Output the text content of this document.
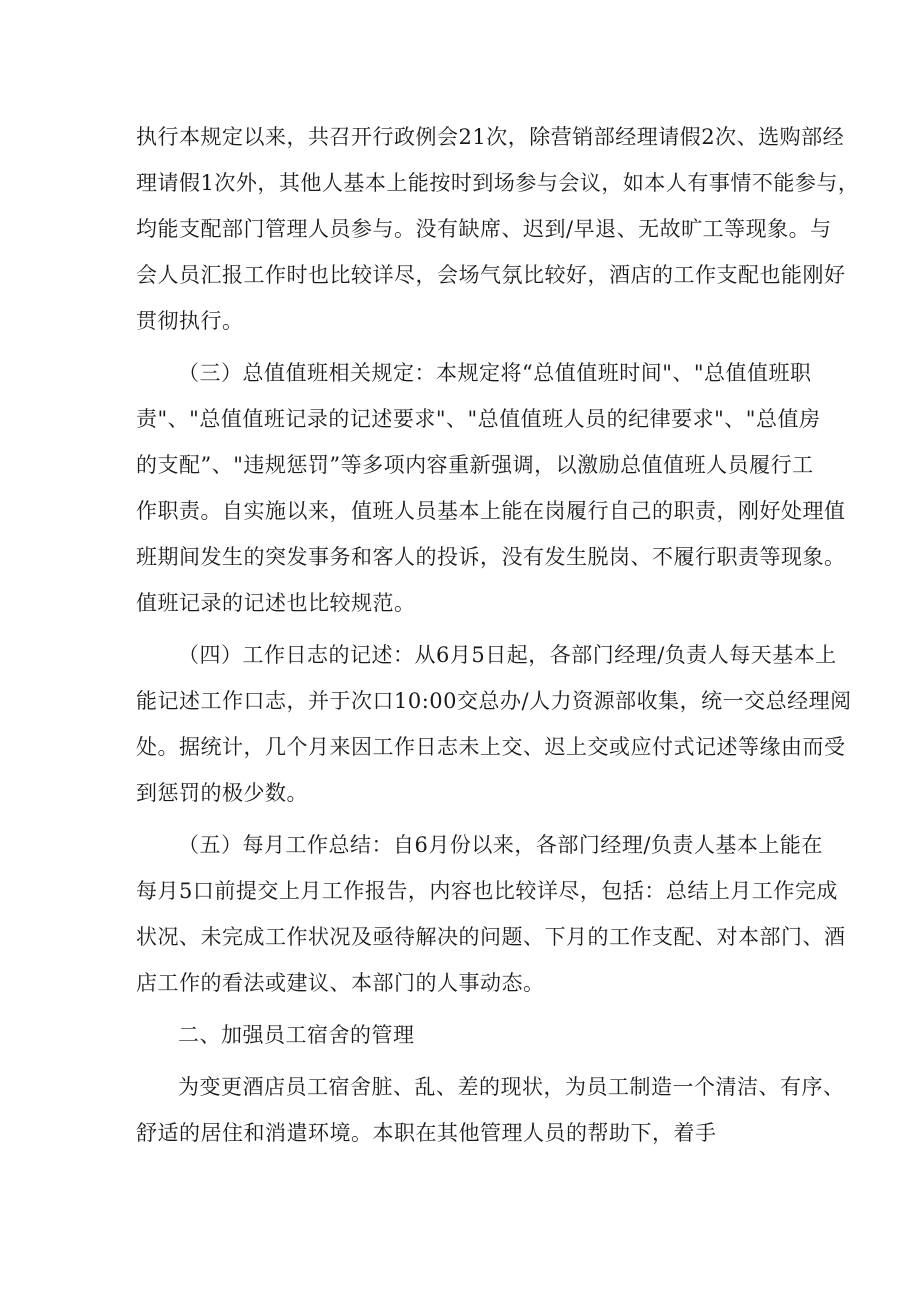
执行本规定以来，共召开行政例会21次，除营销部经理请假2次、选购部经
理请假1次外，其他人基本上能按时到场参与会议，如本人有事情不能参与，
均能支配部门管理人员参与。没有缺席、迟到/早退、无故旷工等现象。与
会人员汇报工作时也比较详尽，会场气氛比较好，酒店的工作支配也能刚好
贯彻执行。
（三）总值值班相关规定：本规定将“总值值班时间"、"总值值班职
责"、"总值值班记录的记述要求"、"总值值班人员的纪律要求"、"总值房
的支配”、"违规惩罚”等多项内容重新强调，以激励总值值班人员履行工
作职责。自实施以来，值班人员基本上能在岗履行自己的职责，刚好处理值
班期间发生的突发事务和客人的投诉，没有发生脱岗、不履行职责等现象。
值班记录的记述也比较规范。
（四）工作日志的记述：从6月5日起，各部门经理/负责人每天基本上
能记述工作口志，并于次口10:00交总办/人力资源部收集，统一交总经理阅
处。据统计，几个月来因工作日志未上交、迟上交或应付式记述等缘由而受
到惩罚的极少数。
（五）每月工作总结：自6月份以来，各部门经理/负责人基本上能在
每月5口前提交上月工作报告，内容也比较详尽，包括：总结上月工作完成
状况、未完成工作状况及亟待解决的问题、下月的工作支配、对本部门、酒
店工作的看法或建议、本部门的人事动态。
二、加强员工宿舍的管理
为变更酒店员工宿舍脏、乱、差的现状，为员工制造一个清洁、有序、
舒适的居住和消遣环境。本职在其他管理人员的帮助下，着手
